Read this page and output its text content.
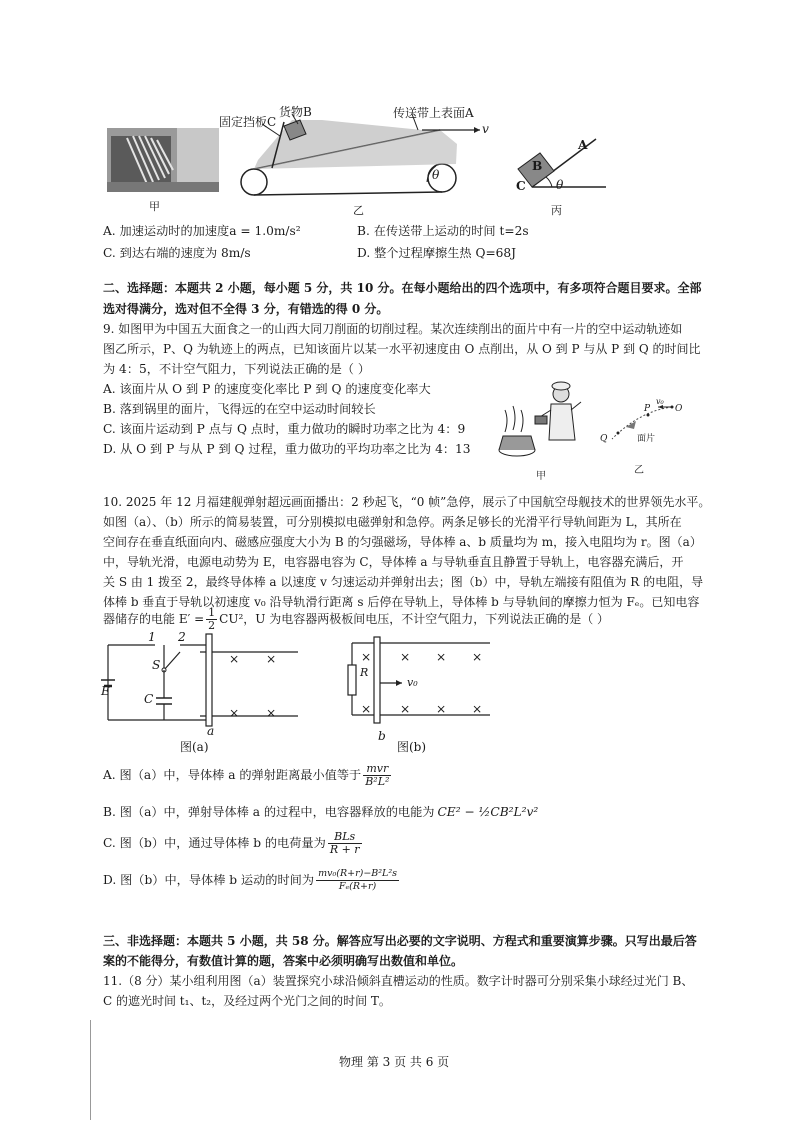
固定挡板C
货物B	传送带上表面A
v
θ
B
A
C θ
甲	乙	丙
A. 加速运动时的加速度a = 1.0m/s²	B. 在传送带上运动的时间 t=2s
C. 到达右端的速度为 8m/s	D. 整个过程摩擦生热 Q=68J
二、选择题：本题共 2 小题，每小题 5 分，共 10 分。在每小题给出的四个选项中，有多项符合题目要求。全部
选对得满分，选对但不全得 3 分，有错选的得 0 分。
9. 如图甲为中国五大面食之一的山西大同刀削面的切削过程。某次连续削出的面片中有一片的空中运动轨迹如
图乙所示，P、Q 为轨迹上的两点，已知该面片以某一水平初速度由 O 点削出，从 O 到 P 与从 P 到 Q 的时间比
为 4：5，不计空气阻力，下列说法正确的是（ ）
A. 该面片从 O 到 P 的速度变化率比 P 到 Q 的速度变化率大
B. 落到锅里的面片，飞得远的在空中运动时间较长
C. 该面片运动到 P 点与 Q 点时，重力做功的瞬时功率之比为 4：9
D. 从 O 到 P 与从 P 到 Q 过程，重力做功的平均功率之比为 4：13
甲
P
v₀
O
Q	面片
乙
10. 2025 年 12 月福建舰弹射超远画面播出：2 秒起飞，“0 帧”急停，展示了中国航空母舰技术的世界领先水平。
如图（a）、（b）所示的简易装置，可分别模拟电磁弹射和急停。两条足够长的光滑平行导轨间距为 L，其所在
空间存在垂直纸面向内、磁感应强度大小为 B 的匀强磁场，导体棒 a、b 质量均为 m，接入电阻均为 r。图（a）
中，导轨光滑，电源电动势为 E，电容器电容为 C，导体棒 a 与导轨垂直且静置于导轨上，电容器充满后，开
关 S 由 1 拨至 2，最终导体棒 a 以速度 v 匀速运动并弹射出去；图（b）中，导轨左端接有阻值为 R 的电阻，导
体棒 b 垂直于导轨以初速度 v₀ 沿导轨滑行距离 s 后停在导轨上，导体棒 b 与导轨间的摩擦力恒为 Fₑ。已知电容
器储存的电能 $E' = \frac{1}{2} CU^2$，U 为电容器两极板间电压，不计空气阻力，下列说法正确的是（ ）
1 2
S
E
C
a
× ×
× ×
图(a)
R
v₀
b
× × × ×
× × × ×
图(b)
A. 图（a）中，导体棒 a 的弹射距离最小值等于 $\frac{\text{mvr}}{\text{B²L²}}$
B. 图（a）中，弹射导体棒 a 的过程中，电容器释放的电能为 CE² − ½CB²L²v²
C. 图（b）中，通过导体棒 b 的电荷量为 $\frac{\text{BLs}}{R + r}$
D. 图（b）中，导体棒 b 运动的时间为 $\frac{\text{mv₀(R+r)−B²L²s}}{\text{Fₑ(R+r)}}$
三、非选择题：本题共 5 小题，共 58 分。解答应写出必要的文字说明、方程式和重要演算步骤。只写出最后答
案的不能得分，有数值计算的题，答案中必须明确写出数值和单位。
11.（8 分）某小组利用图（a）装置探究小球沿倾斜直槽运动的性质。数字计时器可分别采集小球经过光门 B、
C 的遮光时间 t₁、t₂，及经过两个光门之间的时间 T。
物理 第 3 页 共 6 页
